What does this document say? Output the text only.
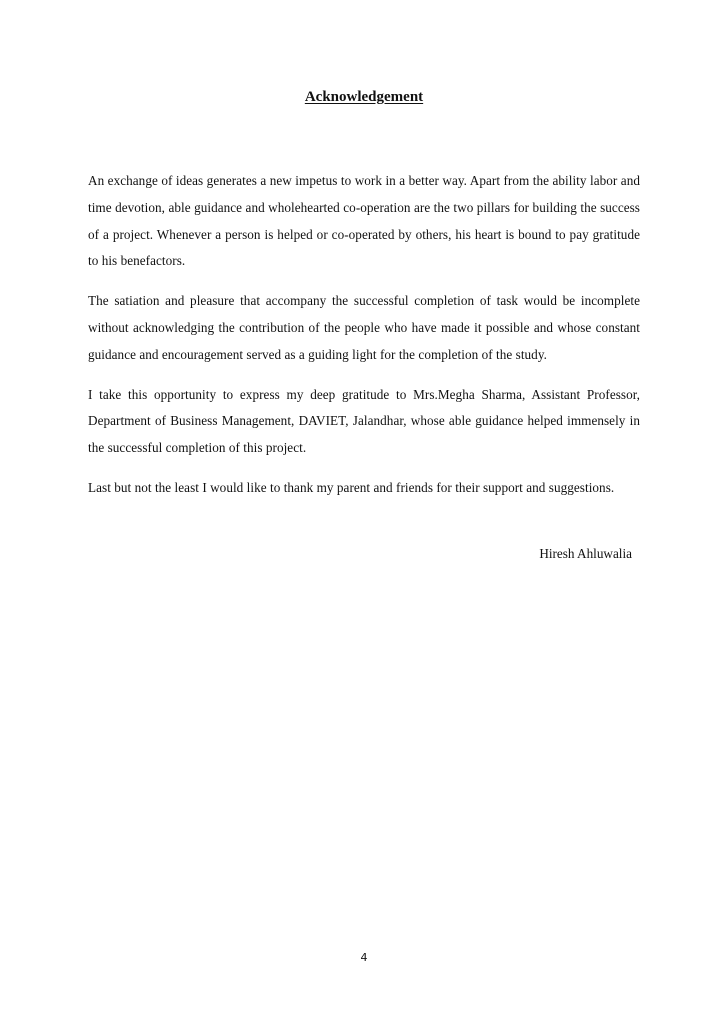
Acknowledgement

An exchange of ideas generates a new impetus to work in a better way. Apart from the ability labor and time devotion, able guidance and wholehearted co-operation are the two pillars for building the success of a project. Whenever a person is helped or co-operated by others, his heart is bound to pay gratitude to his benefactors.

The satiation and pleasure that accompany the successful completion of task would be incomplete without acknowledging the contribution of the people who have made it possible and whose constant guidance and encouragement served as a guiding light for the completion of the study.

I take this opportunity to express my deep gratitude to Mrs.Megha Sharma, Assistant Professor, Department of Business Management, DAVIET, Jalandhar, whose able guidance helped immensely in the successful completion of this project.

Last but not the least I would like to thank my parent and friends for their support and suggestions.

Hiresh Ahluwalia

4
